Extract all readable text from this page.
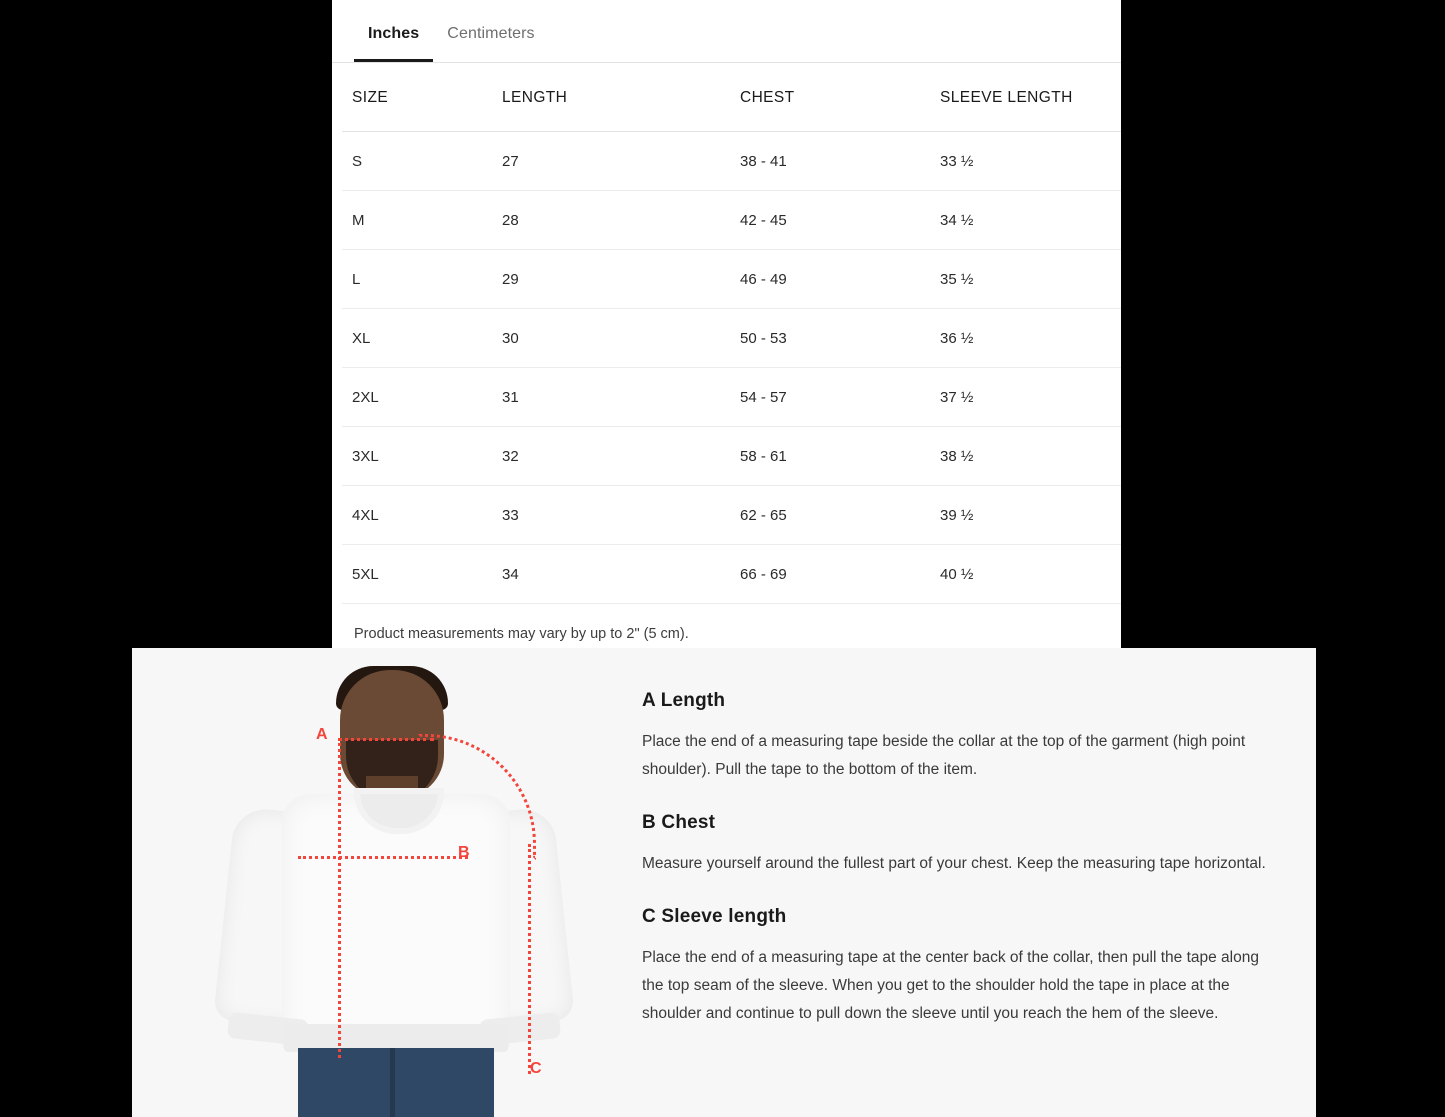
Inches	Centimeters
SIZE	LENGTH	CHEST	SLEEVE LENGTH
S	27	38 - 41	33 ½
M	28	42 - 45	34 ½
L	29	46 - 49	35 ½
XL	30	50 - 53	36 ½
2XL	31	54 - 57	37 ½
3XL	32	58 - 61	38 ½
4XL	33	62 - 65	39 ½
5XL	34	66 - 69	40 ½
Product measurements may vary by up to 2" (5 cm).
A
B
C
A Length

Place the end of a measuring tape beside the collar at the top of the garment (high point shoulder). Pull the tape to the bottom of the item.

B Chest

Measure yourself around the fullest part of your chest. Keep the measuring tape horizontal.

C Sleeve length

Place the end of a measuring tape at the center back of the collar, then pull the tape along the top seam of the sleeve. When you get to the shoulder hold the tape in place at the shoulder and continue to pull down the sleeve until you reach the hem of the sleeve.
